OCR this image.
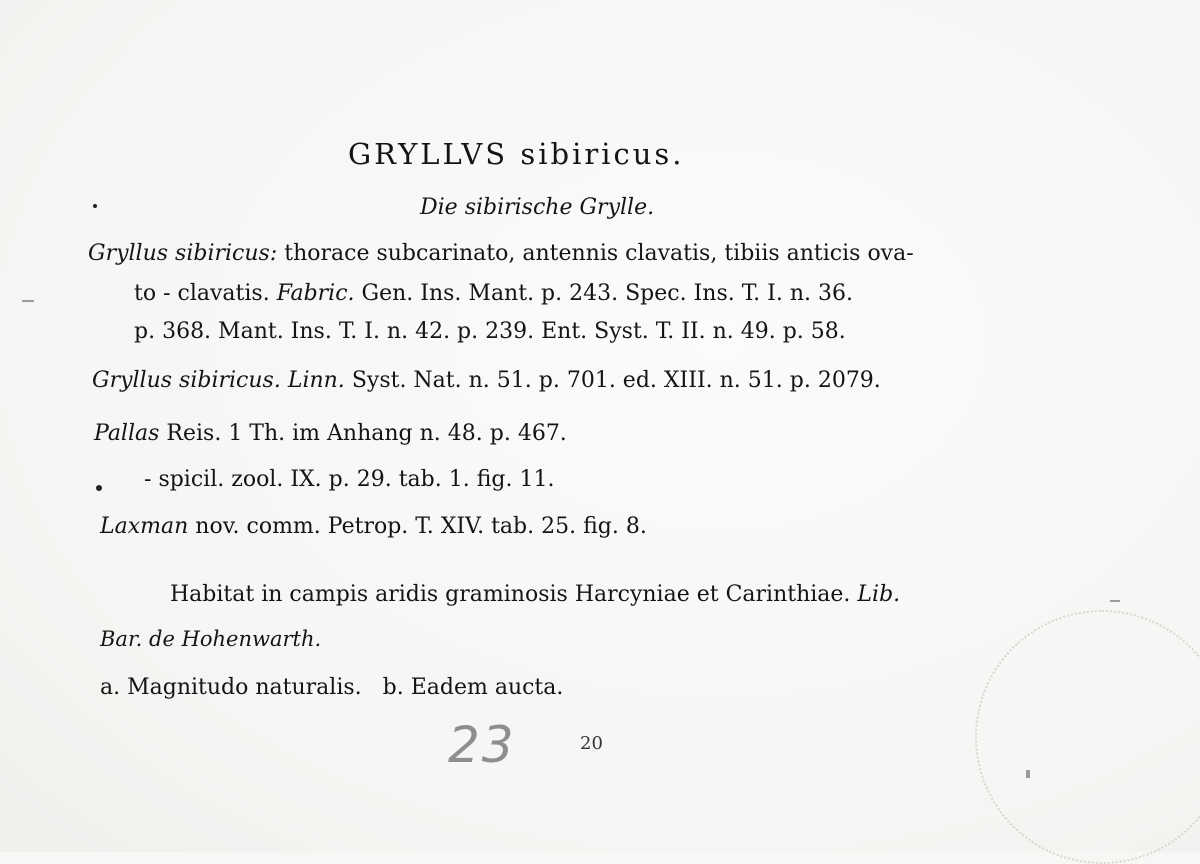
GRYLLVS sibiricus.
Die sibirische Grylle.
Gryllus sibiricus: thorace subcarinato, antennis clavatis, tibiis anticis ova-
to - clavatis. Fabric. Gen. Ins. Mant. p. 243. Spec. Ins. T. I. n. 36.
p. 368. Mant. Ins. T. I. n. 42. p. 239. Ent. Syst. T. II. n. 49. p. 58.
Gryllus sibiricus. Linn. Syst. Nat. n. 51. p. 701. ed. XIII. n. 51. p. 2079.
Pallas Reis. 1 Th. im Anhang n. 48. p. 467.
- spicil. zool. IX. p. 29. tab. 1. fig. 11.
Laxman nov. comm. Petrop. T. XIV. tab. 25. fig. 8.
Habitat in campis aridis graminosis Harcyniae et Carinthiae. Lib.
Bar. de Hohenwarth.
a. Magnitudo naturalis.   b. Eadem aucta.
23	20
